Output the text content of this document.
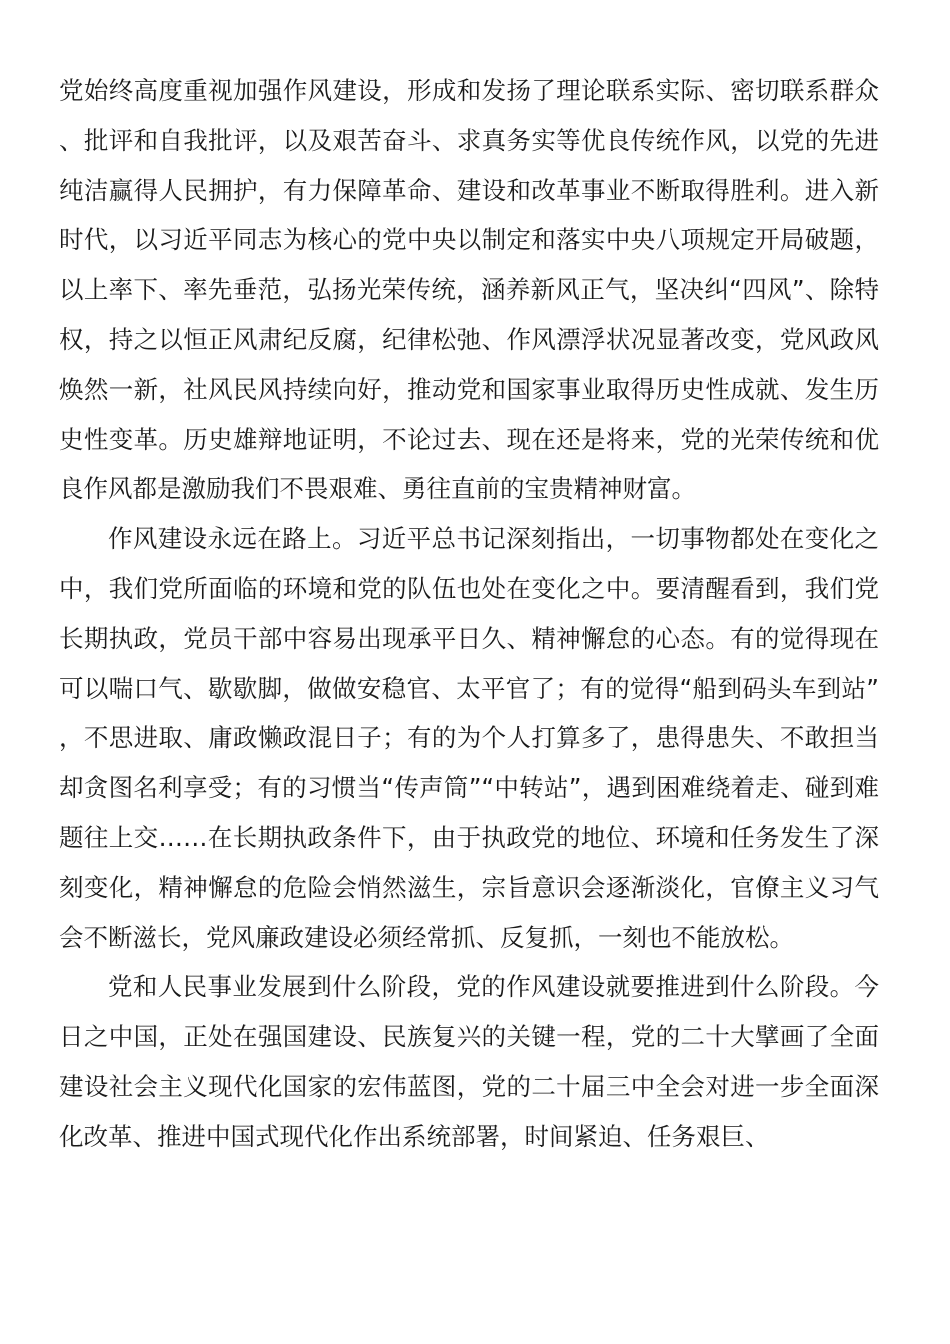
党始终高度重视加强作风建设，形成和发扬了理论联系实际、密切联系群众、批评和自我批评，以及艰苦奋斗、求真务实等优良传统作风，以党的先进纯洁赢得人民拥护，有力保障革命、建设和改革事业不断取得胜利。进入新时代，以习近平同志为核心的党中央以制定和落实中央八项规定开局破题，以上率下、率先垂范，弘扬光荣传统，涵养新风正气，坚决纠“四风”、除特权，持之以恒正风肃纪反腐，纪律松弛、作风漂浮状况显著改变，党风政风焕然一新，社风民风持续向好，推动党和国家事业取得历史性成就、发生历史性变革。历史雄辩地证明，不论过去、现在还是将来，党的光荣传统和优良作风都是激励我们不畏艰难、勇往直前的宝贵精神财富。

作风建设永远在路上。习近平总书记深刻指出，一切事物都处在变化之中，我们党所面临的环境和党的队伍也处在变化之中。要清醒看到，我们党长期执政，党员干部中容易出现承平日久、精神懈怠的心态。有的觉得现在可以喘口气、歇歇脚，做做安稳官、太平官了；有的觉得“船到码头车到站”，不思进取、庸政懒政混日子；有的为个人打算多了，患得患失、不敢担当却贪图名利享受；有的习惯当“传声筒”“中转站”，遇到困难绕着走、碰到难题往上交……在长期执政条件下，由于执政党的地位、环境和任务发生了深刻变化，精神懈怠的危险会悄然滋生，宗旨意识会逐渐淡化，官僚主义习气会不断滋长，党风廉政建设必须经常抓、反复抓，一刻也不能放松。

党和人民事业发展到什么阶段，党的作风建设就要推进到什么阶段。今日之中国，正处在强国建设、民族复兴的关键一程，党的二十大擘画了全面建设社会主义现代化国家的宏伟蓝图，党的二十届三中全会对进一步全面深化改革、推进中国式现代化作出系统部署，时间紧迫、任务艰巨、
